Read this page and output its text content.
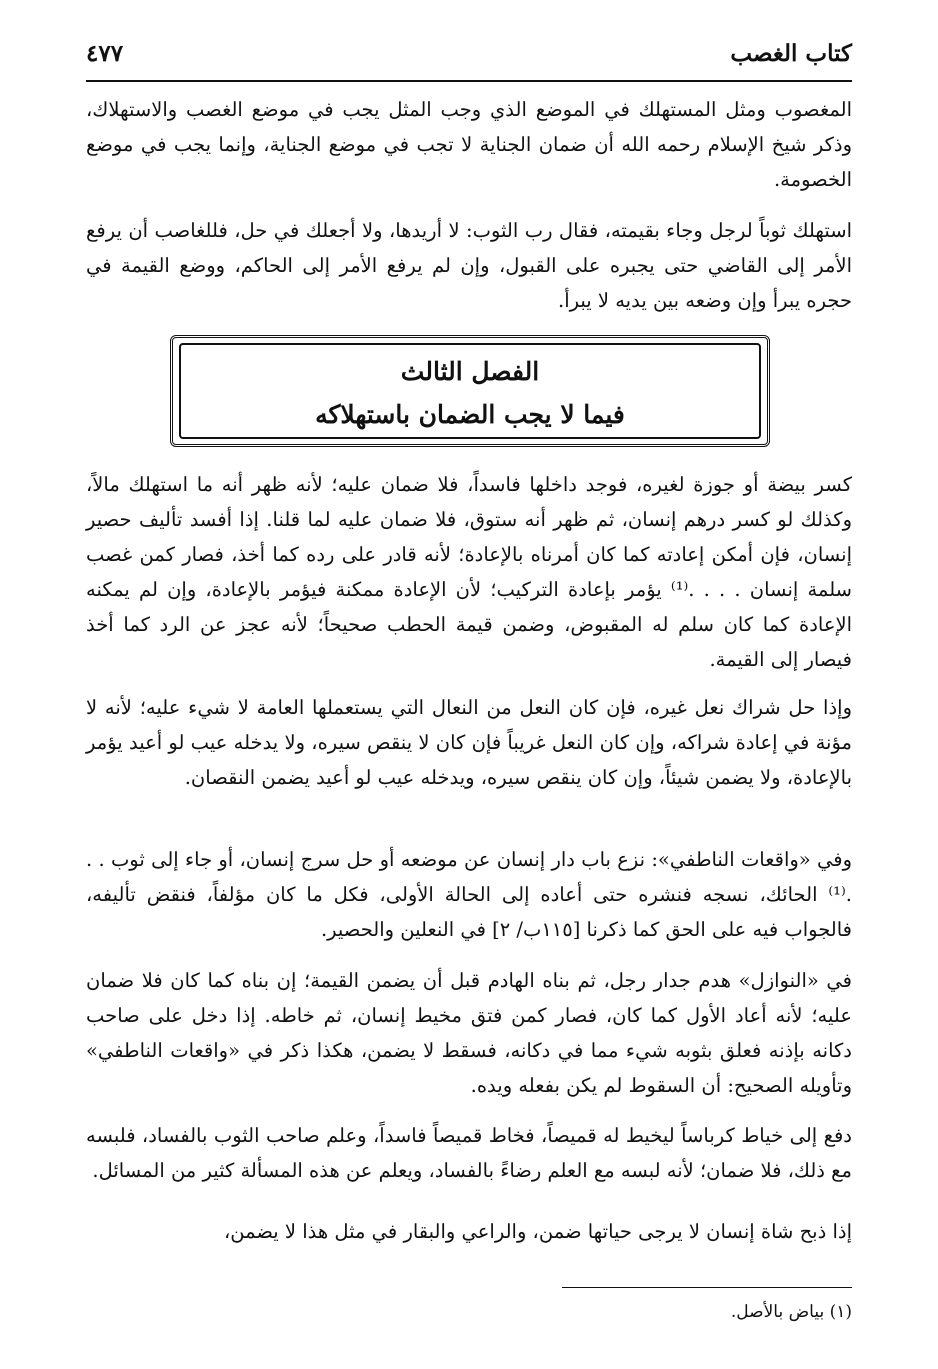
كتاب الغصب
٤٧٧
المغصوب ومثل المستهلك في الموضع الذي وجب المثل يجب في موضع الغصب والاستهلاك، وذكر شيخ الإسلام رحمه الله أن ضمان الجناية لا تجب في موضع الجناية، وإنما يجب في موضع الخصومة.
استهلك ثوباً لرجل وجاء بقيمته، فقال رب الثوب: لا أريدها، ولا أجعلك في حل، فللغاصب أن يرفع الأمر إلى القاضي حتى يجبره على القبول، وإن لم يرفع الأمر إلى الحاكم، ووضع القيمة في حجره يبرأ وإن وضعه بين يديه لا يبرأ.
الفصل الثالث
فيما لا يجب الضمان باستهلاكه
كسر بيضة أو جوزة لغيره، فوجد داخلها فاسداً، فلا ضمان عليه؛ لأنه ظهر أنه ما استهلك مالاً، وكذلك لو كسر درهم إنسان، ثم ظهر أنه ستوق، فلا ضمان عليه لما قلنا. إذا أفسد تأليف حصير إنسان، فإن أمكن إعادته كما كان أمرناه بالإعادة؛ لأنه قادر على رده كما أخذ، فصار كمن غصب سلمة إنسان . . . .⁽¹⁾ يؤمر بإعادة التركيب؛ لأن الإعادة ممكنة فيؤمر بالإعادة، وإن لم يمكنه الإعادة كما كان سلم له المقبوض، وضمن قيمة الحطب صحيحاً؛ لأنه عجز عن الرد كما أخذ فيصار إلى القيمة.
وإذا حل شراك نعل غيره، فإن كان النعل من النعال التي يستعملها العامة لا شيء عليه؛ لأنه لا مؤنة في إعادة شراكه، وإن كان النعل غريباً فإن كان لا ينقص سيره، ولا يدخله عيب لو أعيد يؤمر بالإعادة، ولا يضمن شيئاً، وإن كان ينقص سيره، ويدخله عيب لو أعيد يضمن النقصان.
وفي «واقعات الناطفي»: نزع باب دار إنسان عن موضعه أو حل سرج إنسان، أو جاء إلى ثوب . . .⁽¹⁾ الحائك، نسجه فنشره حتى أعاده إلى الحالة الأولى، فكل ما كان مؤلفاً، فنقض تأليفه، فالجواب فيه على الحق كما ذكرنا [١١٥ب/ ٢] في النعلين والحصير.
في «النوازل» هدم جدار رجل، ثم بناه الهادم قبل أن يضمن القيمة؛ إن بناه كما كان فلا ضمان عليه؛ لأنه أعاد الأول كما كان، فصار كمن فتق مخيط إنسان، ثم خاطه. إذا دخل على صاحب دكانه بإذنه فعلق بثوبه شيء مما في دكانه، فسقط لا يضمن، هكذا ذكر في «واقعات الناطفي» وتأويله الصحيح: أن السقوط لم يكن بفعله ويده.
دفع إلى خياط كرباساً ليخيط له قميصاً، فخاط قميصاً فاسداً، وعلم صاحب الثوب بالفساد، فلبسه مع ذلك، فلا ضمان؛ لأنه لبسه مع العلم رضاءً بالفساد، ويعلم عن هذه المسألة كثير من المسائل.
إذا ذبح شاة إنسان لا يرجى حياتها ضمن، والراعي والبقار في مثل هذا لا يضمن،
(١) بياض بالأصل.
